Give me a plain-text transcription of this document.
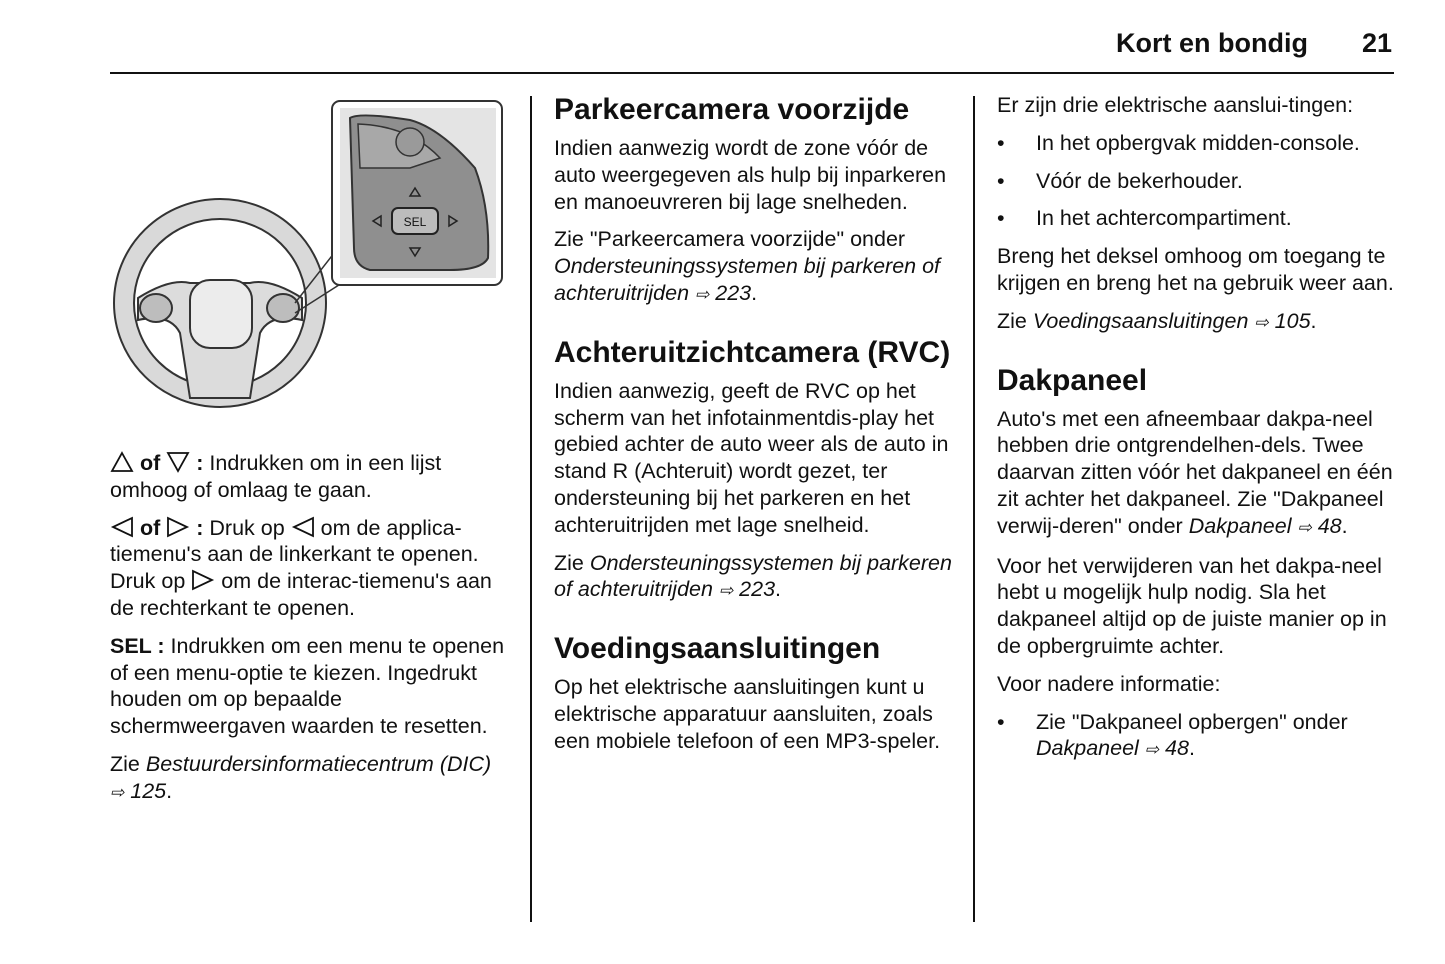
Kort en bondig 21
SEL

of : Indrukken om in een lijst omhoog of omlaag te gaan.

of : Druk op om de applica-tiemenu's aan de linkerkant te openen. Druk op om de interac-tiemenu's aan de rechterkant te openen.

SEL : Indrukken om een menu te openen of een menu-optie te kiezen. Ingedrukt houden om op bepaalde schermweergaven waarden te resetten.

Zie Bestuurdersinformatiecentrum (DIC) ⇨ 125.

Parkeercamera voorzijde

Indien aanwezig wordt de zone vóór de auto weergegeven als hulp bij inparkeren en manoeuvreren bij lage snelheden.

Zie "Parkeercamera voorzijde" onder Ondersteuningssystemen bij parkeren of achteruitrijden ⇨ 223.

Achteruitzichtcamera (RVC)

Indien aanwezig, geeft de RVC op het scherm van het infotainmentdis-play het gebied achter de auto weer als de auto in stand R (Achteruit) wordt gezet, ter ondersteuning bij het parkeren en het achteruitrijden met lage snelheid.

Zie Ondersteuningssystemen bij parkeren of achteruitrijden ⇨ 223.

Voedingsaansluitingen

Op het elektrische aansluitingen kunt u elektrische apparatuur aansluiten, zoals een mobiele telefoon of een MP3-speler.

Er zijn drie elektrische aanslui-tingen:

• In het opbergvak midden-console.
• Vóór de bekerhouder.
• In het achtercompartiment.

Breng het deksel omhoog om toegang te krijgen en breng het na gebruik weer aan.

Zie Voedingsaansluitingen ⇨ 105.

Dakpaneel

Auto's met een afneembaar dakpa-neel hebben drie ontgrendelhen-dels. Twee daarvan zitten vóór het dakpaneel en één zit achter het dakpaneel. Zie "Dakpaneel verwij-deren" onder Dakpaneel ⇨ 48.

Voor het verwijderen van het dakpa-neel hebt u mogelijk hulp nodig. Sla het dakpaneel altijd op de juiste manier op in de opbergruimte achter.

Voor nadere informatie:

• Zie "Dakpaneel opbergen" onder Dakpaneel ⇨ 48.
